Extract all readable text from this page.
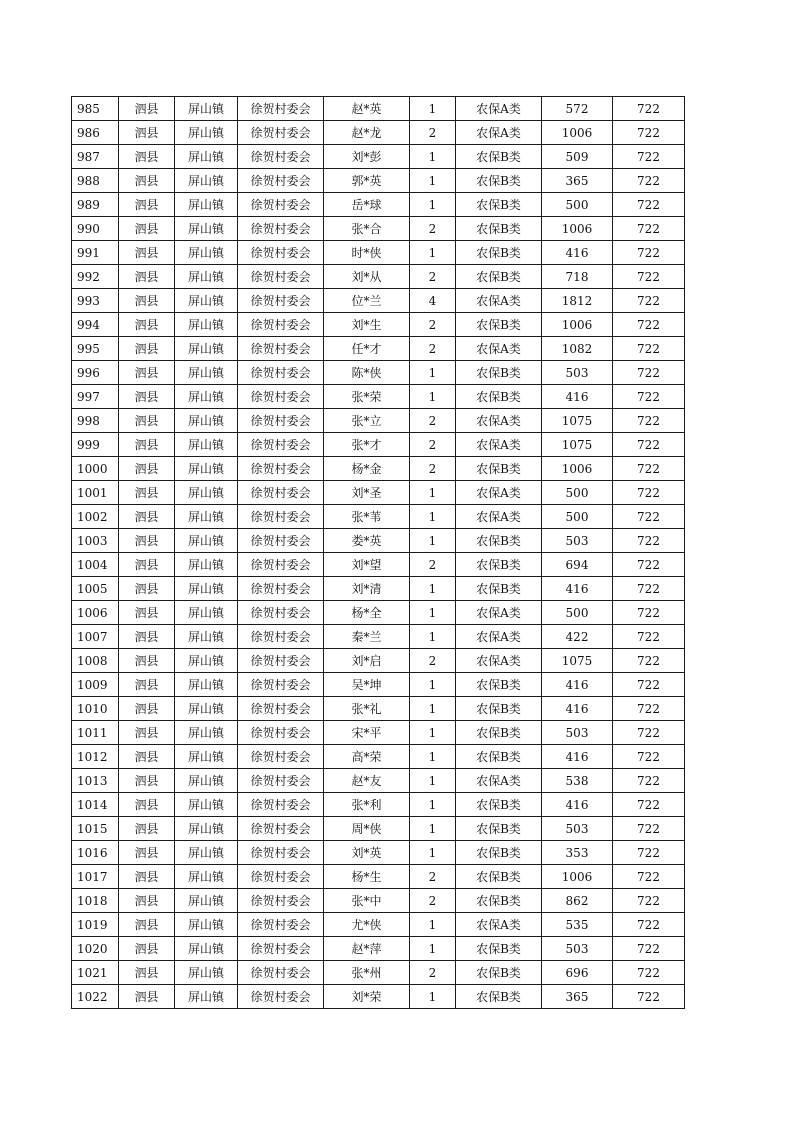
985	泗县	屏山镇	徐贺村委会	赵*英	1	农保A类	572	722
986	泗县	屏山镇	徐贺村委会	赵*龙	2	农保A类	1006	722
987	泗县	屏山镇	徐贺村委会	刘*彭	1	农保B类	509	722
988	泗县	屏山镇	徐贺村委会	郭*英	1	农保B类	365	722
989	泗县	屏山镇	徐贺村委会	岳*球	1	农保B类	500	722
990	泗县	屏山镇	徐贺村委会	张*合	2	农保B类	1006	722
991	泗县	屏山镇	徐贺村委会	时*侠	1	农保B类	416	722
992	泗县	屏山镇	徐贺村委会	刘*从	2	农保B类	718	722
993	泗县	屏山镇	徐贺村委会	位*兰	4	农保A类	1812	722
994	泗县	屏山镇	徐贺村委会	刘*生	2	农保B类	1006	722
995	泗县	屏山镇	徐贺村委会	任*才	2	农保A类	1082	722
996	泗县	屏山镇	徐贺村委会	陈*侠	1	农保B类	503	722
997	泗县	屏山镇	徐贺村委会	张*荣	1	农保B类	416	722
998	泗县	屏山镇	徐贺村委会	张*立	2	农保A类	1075	722
999	泗县	屏山镇	徐贺村委会	张*才	2	农保A类	1075	722
1000	泗县	屏山镇	徐贺村委会	杨*金	2	农保B类	1006	722
1001	泗县	屏山镇	徐贺村委会	刘*圣	1	农保A类	500	722
1002	泗县	屏山镇	徐贺村委会	张*苇	1	农保A类	500	722
1003	泗县	屏山镇	徐贺村委会	娄*英	1	农保B类	503	722
1004	泗县	屏山镇	徐贺村委会	刘*望	2	农保B类	694	722
1005	泗县	屏山镇	徐贺村委会	刘*清	1	农保B类	416	722
1006	泗县	屏山镇	徐贺村委会	杨*全	1	农保A类	500	722
1007	泗县	屏山镇	徐贺村委会	秦*兰	1	农保A类	422	722
1008	泗县	屏山镇	徐贺村委会	刘*启	2	农保A类	1075	722
1009	泗县	屏山镇	徐贺村委会	吴*坤	1	农保B类	416	722
1010	泗县	屏山镇	徐贺村委会	张*礼	1	农保B类	416	722
1011	泗县	屏山镇	徐贺村委会	宋*平	1	农保B类	503	722
1012	泗县	屏山镇	徐贺村委会	高*荣	1	农保B类	416	722
1013	泗县	屏山镇	徐贺村委会	赵*友	1	农保A类	538	722
1014	泗县	屏山镇	徐贺村委会	张*利	1	农保B类	416	722
1015	泗县	屏山镇	徐贺村委会	周*侠	1	农保B类	503	722
1016	泗县	屏山镇	徐贺村委会	刘*英	1	农保B类	353	722
1017	泗县	屏山镇	徐贺村委会	杨*生	2	农保B类	1006	722
1018	泗县	屏山镇	徐贺村委会	张*中	2	农保B类	862	722
1019	泗县	屏山镇	徐贺村委会	尤*侠	1	农保A类	535	722
1020	泗县	屏山镇	徐贺村委会	赵*萍	1	农保B类	503	722
1021	泗县	屏山镇	徐贺村委会	张*州	2	农保B类	696	722
1022	泗县	屏山镇	徐贺村委会	刘*荣	1	农保B类	365	722
